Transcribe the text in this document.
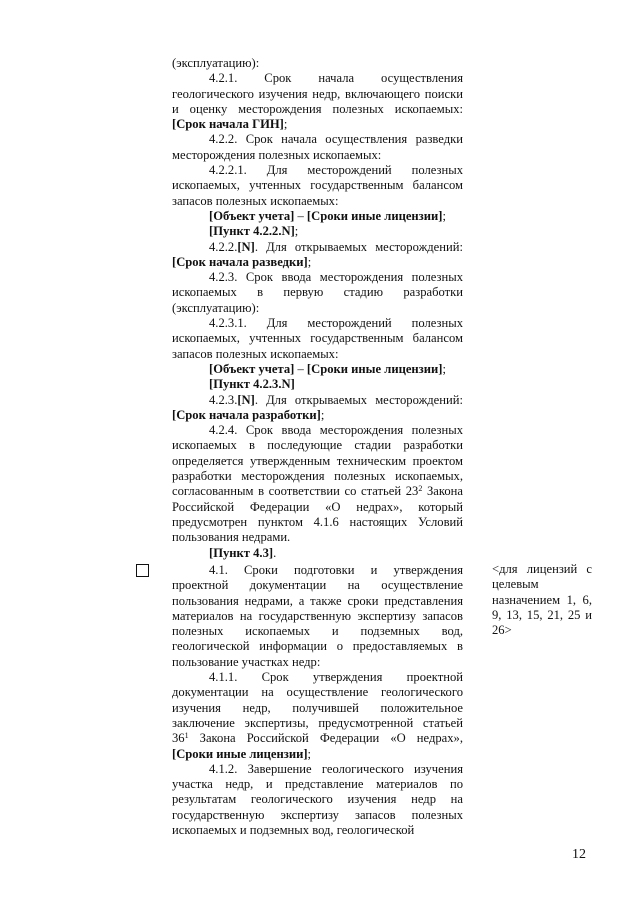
(эксплуатацию):

4.2.1. Срок начала осуществления геологического изучения недр, включающего поиски и оценку месторождения полезных ископаемых: [Срок начала ГИН];

4.2.2. Срок начала осуществления разведки месторождения полезных ископаемых:

4.2.2.1. Для месторождений полезных ископаемых, учтенных государственным балансом запасов полезных ископаемых:

[Объект учета] – [Сроки иные лицензии];

[Пункт 4.2.2.N];

4.2.2.[N]. Для открываемых месторождений: [Срок начала разведки];

4.2.3. Срок ввода месторождения полезных ископаемых в первую стадию разработки (эксплуатацию):

4.2.3.1. Для месторождений полезных ископаемых, учтенных государственным балансом запасов полезных ископаемых:

[Объект учета] – [Сроки иные лицензии];

[Пункт 4.2.3.N]

4.2.3.[N]. Для открываемых месторождений: [Срок начала разработки];

4.2.4. Срок ввода месторождения полезных ископаемых в последующие стадии разработки определяется утвержденным техническим проектом разработки месторождения полезных ископаемых, согласованным в соответствии со статьей $23^2$ Закона Российской Федерации «О недрах», который предусмотрен пунктом 4.1.6 настоящих Условий пользования недрами.

[Пункт 4.3].

4.1. Сроки подготовки и утверждения проектной документации на осуществление пользования недрами, а также сроки представления материалов на государственную экспертизу запасов полезных ископаемых и подземных вод, геологической информации о предоставляемых в пользование участках недр:

4.1.1. Срок утверждения проектной документации на осуществление геологического изучения недр, получившей положительное заключение экспертизы, предусмотренной статьей $36^1$ Закона Российской Федерации «О недрах», [Сроки иные лицензии];

4.1.2. Завершение геологического изучения участка недр, и представление материалов по результатам геологического изучения недр на государственную экспертизу запасов полезных ископаемых и подземных вод, геологической

<для лицензий с целевым назначением 1, 6, 9, 13, 15, 21, 25 и 26>
12
